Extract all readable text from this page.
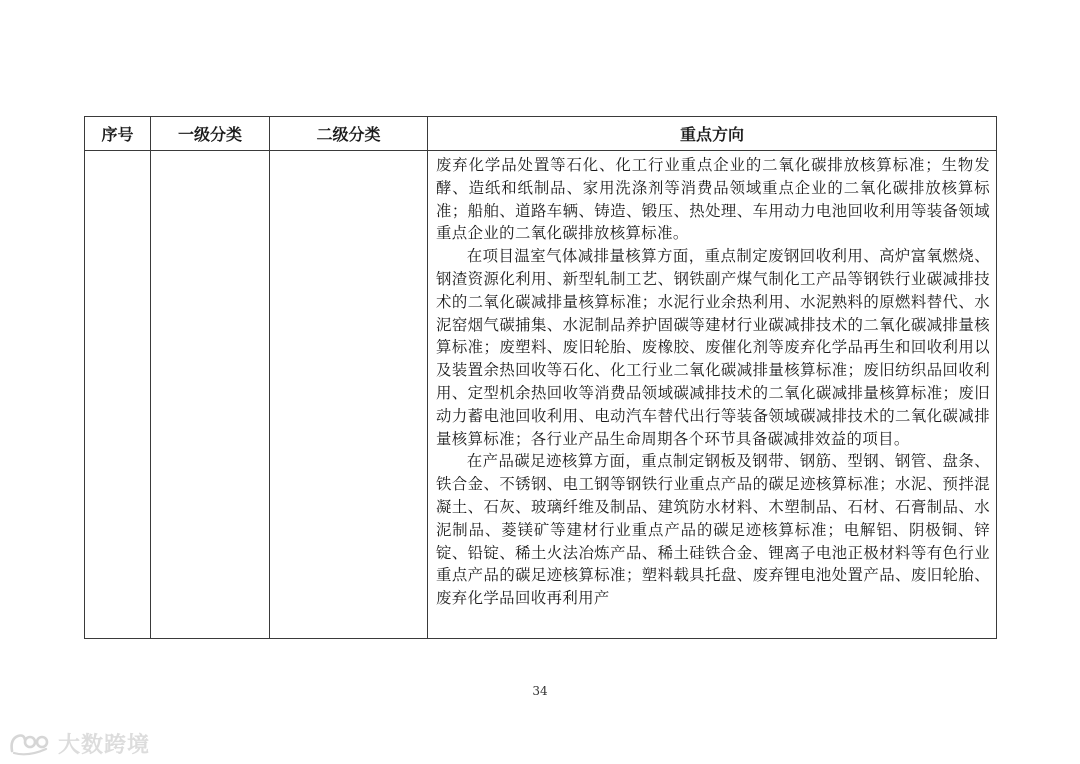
序号	一级分类	二级分类	重点方向

			废弃化学品处置等石化、化工行业重点企业的二氧化碳排放核算标准；生物发酵、造纸和纸制品、家用洗涤剂等消费品领域重点企业的二氧化碳排放核算标准；船舶、道路车辆、铸造、锻压、热处理、车用动力电池回收利用等装备领域重点企业的二氧化碳排放核算标准。

在项目温室气体减排量核算方面，重点制定废钢回收利用、高炉富氧燃烧、钢渣资源化利用、新型轧制工艺、钢铁副产煤气制化工产品等钢铁行业碳减排技术的二氧化碳减排量核算标准；水泥行业余热利用、水泥熟料的原燃料替代、水泥窑烟气碳捕集、水泥制品养护固碳等建材行业碳减排技术的二氧化碳减排量核算标准；废塑料、废旧轮胎、废橡胶、废催化剂等废弃化学品再生和回收利用以及装置余热回收等石化、化工行业二氧化碳减排量核算标准；废旧纺织品回收利用、定型机余热回收等消费品领域碳减排技术的二氧化碳减排量核算标准；废旧动力蓄电池回收利用、电动汽车替代出行等装备领域碳减排技术的二氧化碳减排量核算标准；各行业产品生命周期各个环节具备碳减排效益的项目。

在产品碳足迹核算方面，重点制定钢板及钢带、钢筋、型钢、钢管、盘条、铁合金、不锈钢、电工钢等钢铁行业重点产品的碳足迹核算标准；水泥、预拌混凝土、石灰、玻璃纤维及制品、建筑防水材料、木塑制品、石材、石膏制品、水泥制品、菱镁矿等建材行业重点产品的碳足迹核算标准；电解铝、阴极铜、锌锭、铅锭、稀土火法冶炼产品、稀土硅铁合金、锂离子电池正极材料等有色行业重点产品的碳足迹核算标准；塑料载具托盘、废弃锂电池处置产品、废旧轮胎、废弃化学品回收再利用产

34
大数跨境
